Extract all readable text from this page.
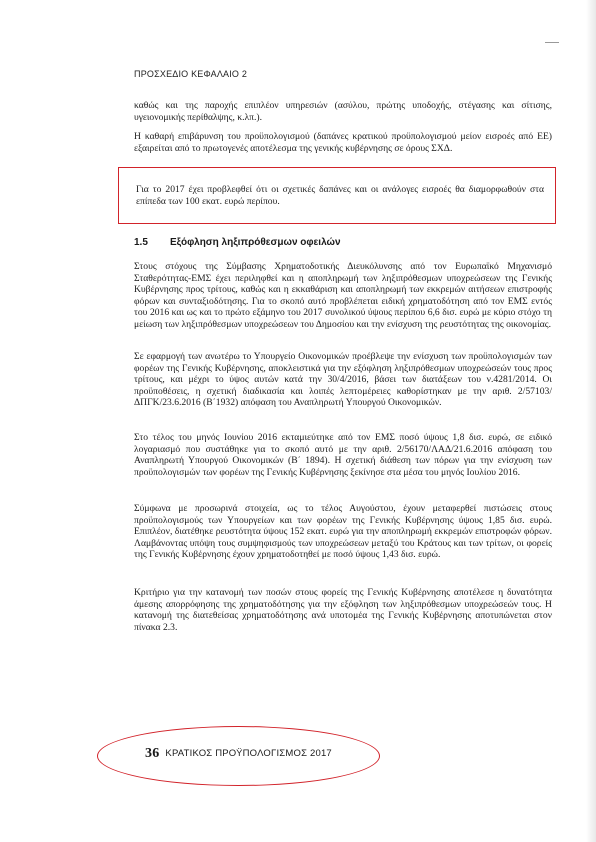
ΠΡΟΣΧΕΔΙΟ ΚΕΦΑΛΑΙΟ 2

καθώς και της παροχής επιπλέον υπηρεσιών (ασύλου, πρώτης υποδοχής, στέγασης και σίτισης, υγειονομικής περίθαλψης, κ.λπ.).

Η καθαρή επιβάρυνση του προϋπολογισμού (δαπάνες κρατικού προϋπολογισμού μείον εισροές από ΕΕ) εξαιρείται από το πρωτογενές αποτέλεσμα της γενικής κυβέρνησης σε όρους ΣΧΔ.

Για το 2017 έχει προβλεφθεί ότι οι σχετικές δαπάνες και οι ανάλογες εισροές θα διαμορφωθούν στα επίπεδα των 100 εκατ. ευρώ περίπου.

1.5 Εξόφληση ληξιπρόθεσμων οφειλών

Στους στόχους της Σύμβασης Χρηματοδοτικής Διευκόλυνσης από τον Ευρωπαϊκό Μηχανισμό Σταθερότητας-ΕΜΣ έχει περιληφθεί και η αποπληρωμή των ληξιπρόθεσμων υποχρεώσεων της Γενικής Κυβέρνησης προς τρίτους, καθώς και η εκκαθάριση και αποπληρωμή των εκκρεμών αιτήσεων επιστροφής φόρων και συνταξιοδότησης. Για το σκοπό αυτό προβλέπεται ειδική χρηματοδότηση από τον ΕΜΣ εντός του 2016 και ως και το πρώτο εξάμηνο του 2017 συνολικού ύψους περίπου 6,6 δισ. ευρώ με κύριο στόχο τη μείωση των ληξιπρόθεσμων υποχρεώσεων του Δημοσίου και την ενίσχυση της ρευστότητας της οικονομίας.

Σε εφαρμογή των ανωτέρω το Υπουργείο Οικονομικών προέβλεψε την ενίσχυση των προϋπολογισμών των φορέων της Γενικής Κυβέρνησης, αποκλειστικά για την εξόφληση ληξιπρόθεσμων υποχρεώσεών τους προς τρίτους, και μέχρι το ύψος αυτών κατά την 30/4/2016, βάσει των διατάξεων του ν.4281/2014. Οι προϋποθέσεις, η σχετική διαδικασία και λοιπές λεπτομέρειες καθορίστηκαν με την αριθ. 2/57103/ΔΠΓΚ/23.6.2016 (Β΄1932) απόφαση του Αναπληρωτή Υπουργού Οικονομικών.

Στο τέλος του μηνός Ιουνίου 2016 εκταμιεύτηκε από τον ΕΜΣ ποσό ύψους 1,8 δισ. ευρώ, σε ειδικό λογαριασμό που συστάθηκε για το σκοπό αυτό με την αριθ. 2/56170/ΛΑΔ/21.6.2016 απόφαση του Αναπληρωτή Υπουργού Οικονομικών (Β΄ 1894). Η σχετική διάθεση των πόρων για την ενίσχυση των προϋπολογισμών των φορέων της Γενικής Κυβέρνησης ξεκίνησε στα μέσα του μηνός Ιουλίου 2016.

Σύμφωνα με προσωρινά στοιχεία, ως το τέλος Αυγούστου, έχουν μεταφερθεί πιστώσεις στους προϋπολογισμούς των Υπουργείων και των φορέων της Γενικής Κυβέρνησης ύψους 1,85 δισ. ευρώ. Επιπλέον, διατέθηκε ρευστότητα ύψους 152 εκατ. ευρώ για την αποπληρωμή εκκρεμών επιστροφών φόρων. Λαμβάνοντας υπόψη τους συμψηφισμούς των υποχρεώσεων μεταξύ του Κράτους και των τρίτων, οι φορείς της Γενικής Κυβέρνησης έχουν χρηματοδοτηθεί με ποσό ύψους 1,43 δισ. ευρώ.

Κριτήριο για την κατανομή των ποσών στους φορείς της Γενικής Κυβέρνησης αποτέλεσε η δυνατότητα άμεσης απορρόφησης της χρηματοδότησης για την εξόφληση των ληξιπρόθεσμων υποχρεώσεών τους. Η κατανομή της διατεθείσας χρηματοδότησης ανά υποτομέα της Γενικής Κυβέρνησης αποτυπώνεται στον πίνακα 2.3.

36 ΚΡΑΤΙΚΟΣ ΠΡΟΫΠΟΛΟΓΙΣΜΟΣ 2017
